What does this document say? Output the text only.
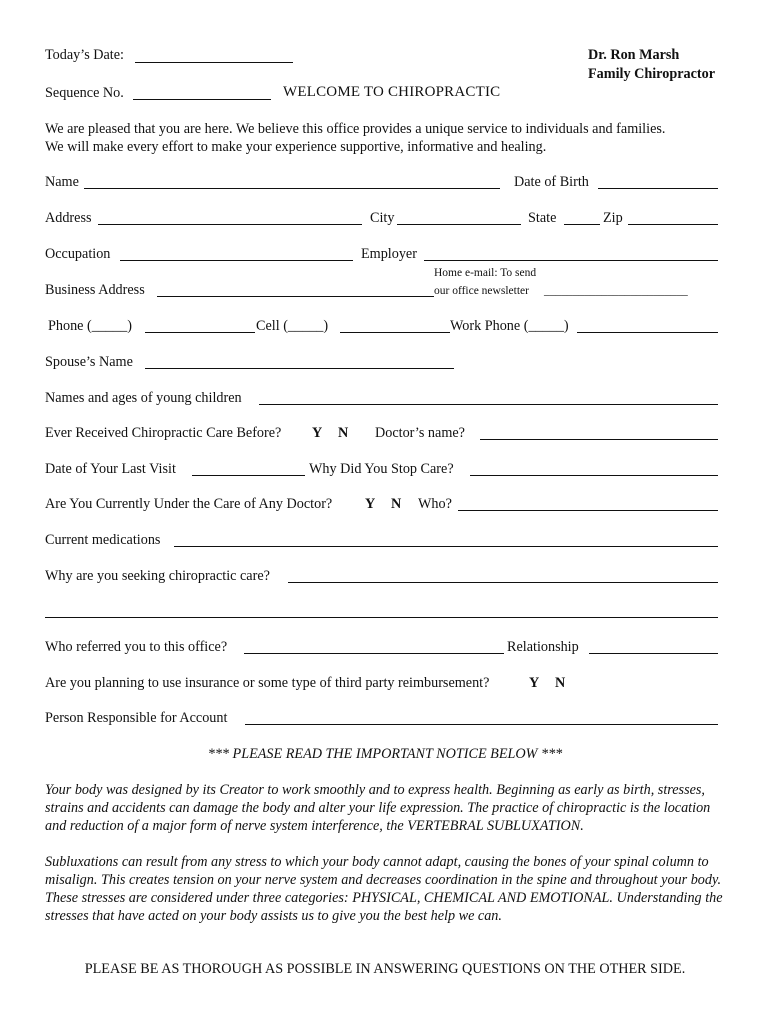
Today’s Date:	Dr. Ron Marsh
Family Chiropractor
Sequence No.	WELCOME TO CHIROPRACTIC
We are pleased that you are here. We believe this office provides a unique service to individuals and families.
We will make every effort to make your experience supportive, informative and healing.
Name	Date of Birth
Address	City	State	Zip
Occupation	Employer
Home e-mail: To send
Business Address	our office newsletter _________________________
Phone (_____)	Cell (_____)	Work Phone (_____)
Spouse’s Name
Names and ages of young children
Ever Received Chiropractic Care Before? Y N Doctor’s name?
Date of Your Last Visit	Why Did You Stop Care?
Are You Currently Under the Care of Any Doctor? Y N Who?
Current medications
Why are you seeking chiropractic care?
Who referred you to this office?	Relationship
Are you planning to use insurance or some type of third party reimbursement?	Y N
Person Responsible for Account
*** PLEASE READ THE IMPORTANT NOTICE BELOW ***
Your body was designed by its Creator to work smoothly and to express health. Beginning as early as birth, stresses, strains and accidents can damage the body and alter your life expression. The practice of chiropractic is the location and reduction of a major form of nerve system interference, the VERTEBRAL SUBLUXATION.
Subluxations can result from any stress to which your body cannot adapt, causing the bones of your spinal column to misalign. This creates tension on your nerve system and decreases coordination in the spine and throughout your body. These stresses are considered under three categories: PHYSICAL, CHEMICAL AND EMOTIONAL. Understanding the stresses that have acted on your body assists us to give you the best help we can.
PLEASE BE AS THOROUGH AS POSSIBLE IN ANSWERING QUESTIONS ON THE OTHER SIDE.
